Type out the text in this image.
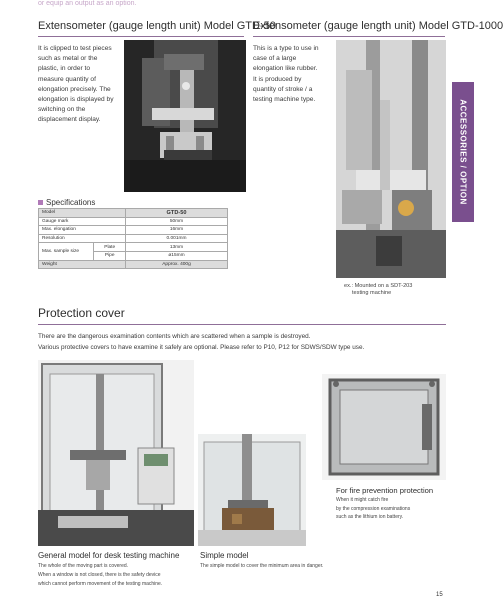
or equip an output as an option.
Extensometer (gauge length unit) Model GTD-50
It is clipped to test pieces
such as metal or the
plastic, in order to
measure quantity of
elongation precisely. The
elongation is displayed by
switching on the
displacement display.
Extensometer (gauge length unit) Model GTD-1000
This is a type to use in
case of a large
elongation like rubber.
It is produced by
quantity of stroke / a
testing machine type.
ex.: Mounted on a SDT-203
testing machine
ACCESSORIES / OPTION
Specifications
Model		GTD-50
Gauge mark		50mm
Max. elongation		16mm
Resolution		0.001mm
Max. sample size	Plate	13mm
	Pipe	ø15mm
Weight		Approx. 400g
Protection cover
There are the dangerous examination contents which are scattered when a sample is destroyed.
Various protective covers to have examine it safely are optional. Please refer to P10, P12 for SDWS/SDW type use.
General model for desk testing machine
The whole of the moving part is covered.
When a window is not closed, there is the safety device
which cannot perform movement of the testing machine.
Simple model
The simple model to cover the minimum area in danger.
For fire prevention protection
When it might catch fire
by the compression examinations
such as the lithium ion battery.
15
